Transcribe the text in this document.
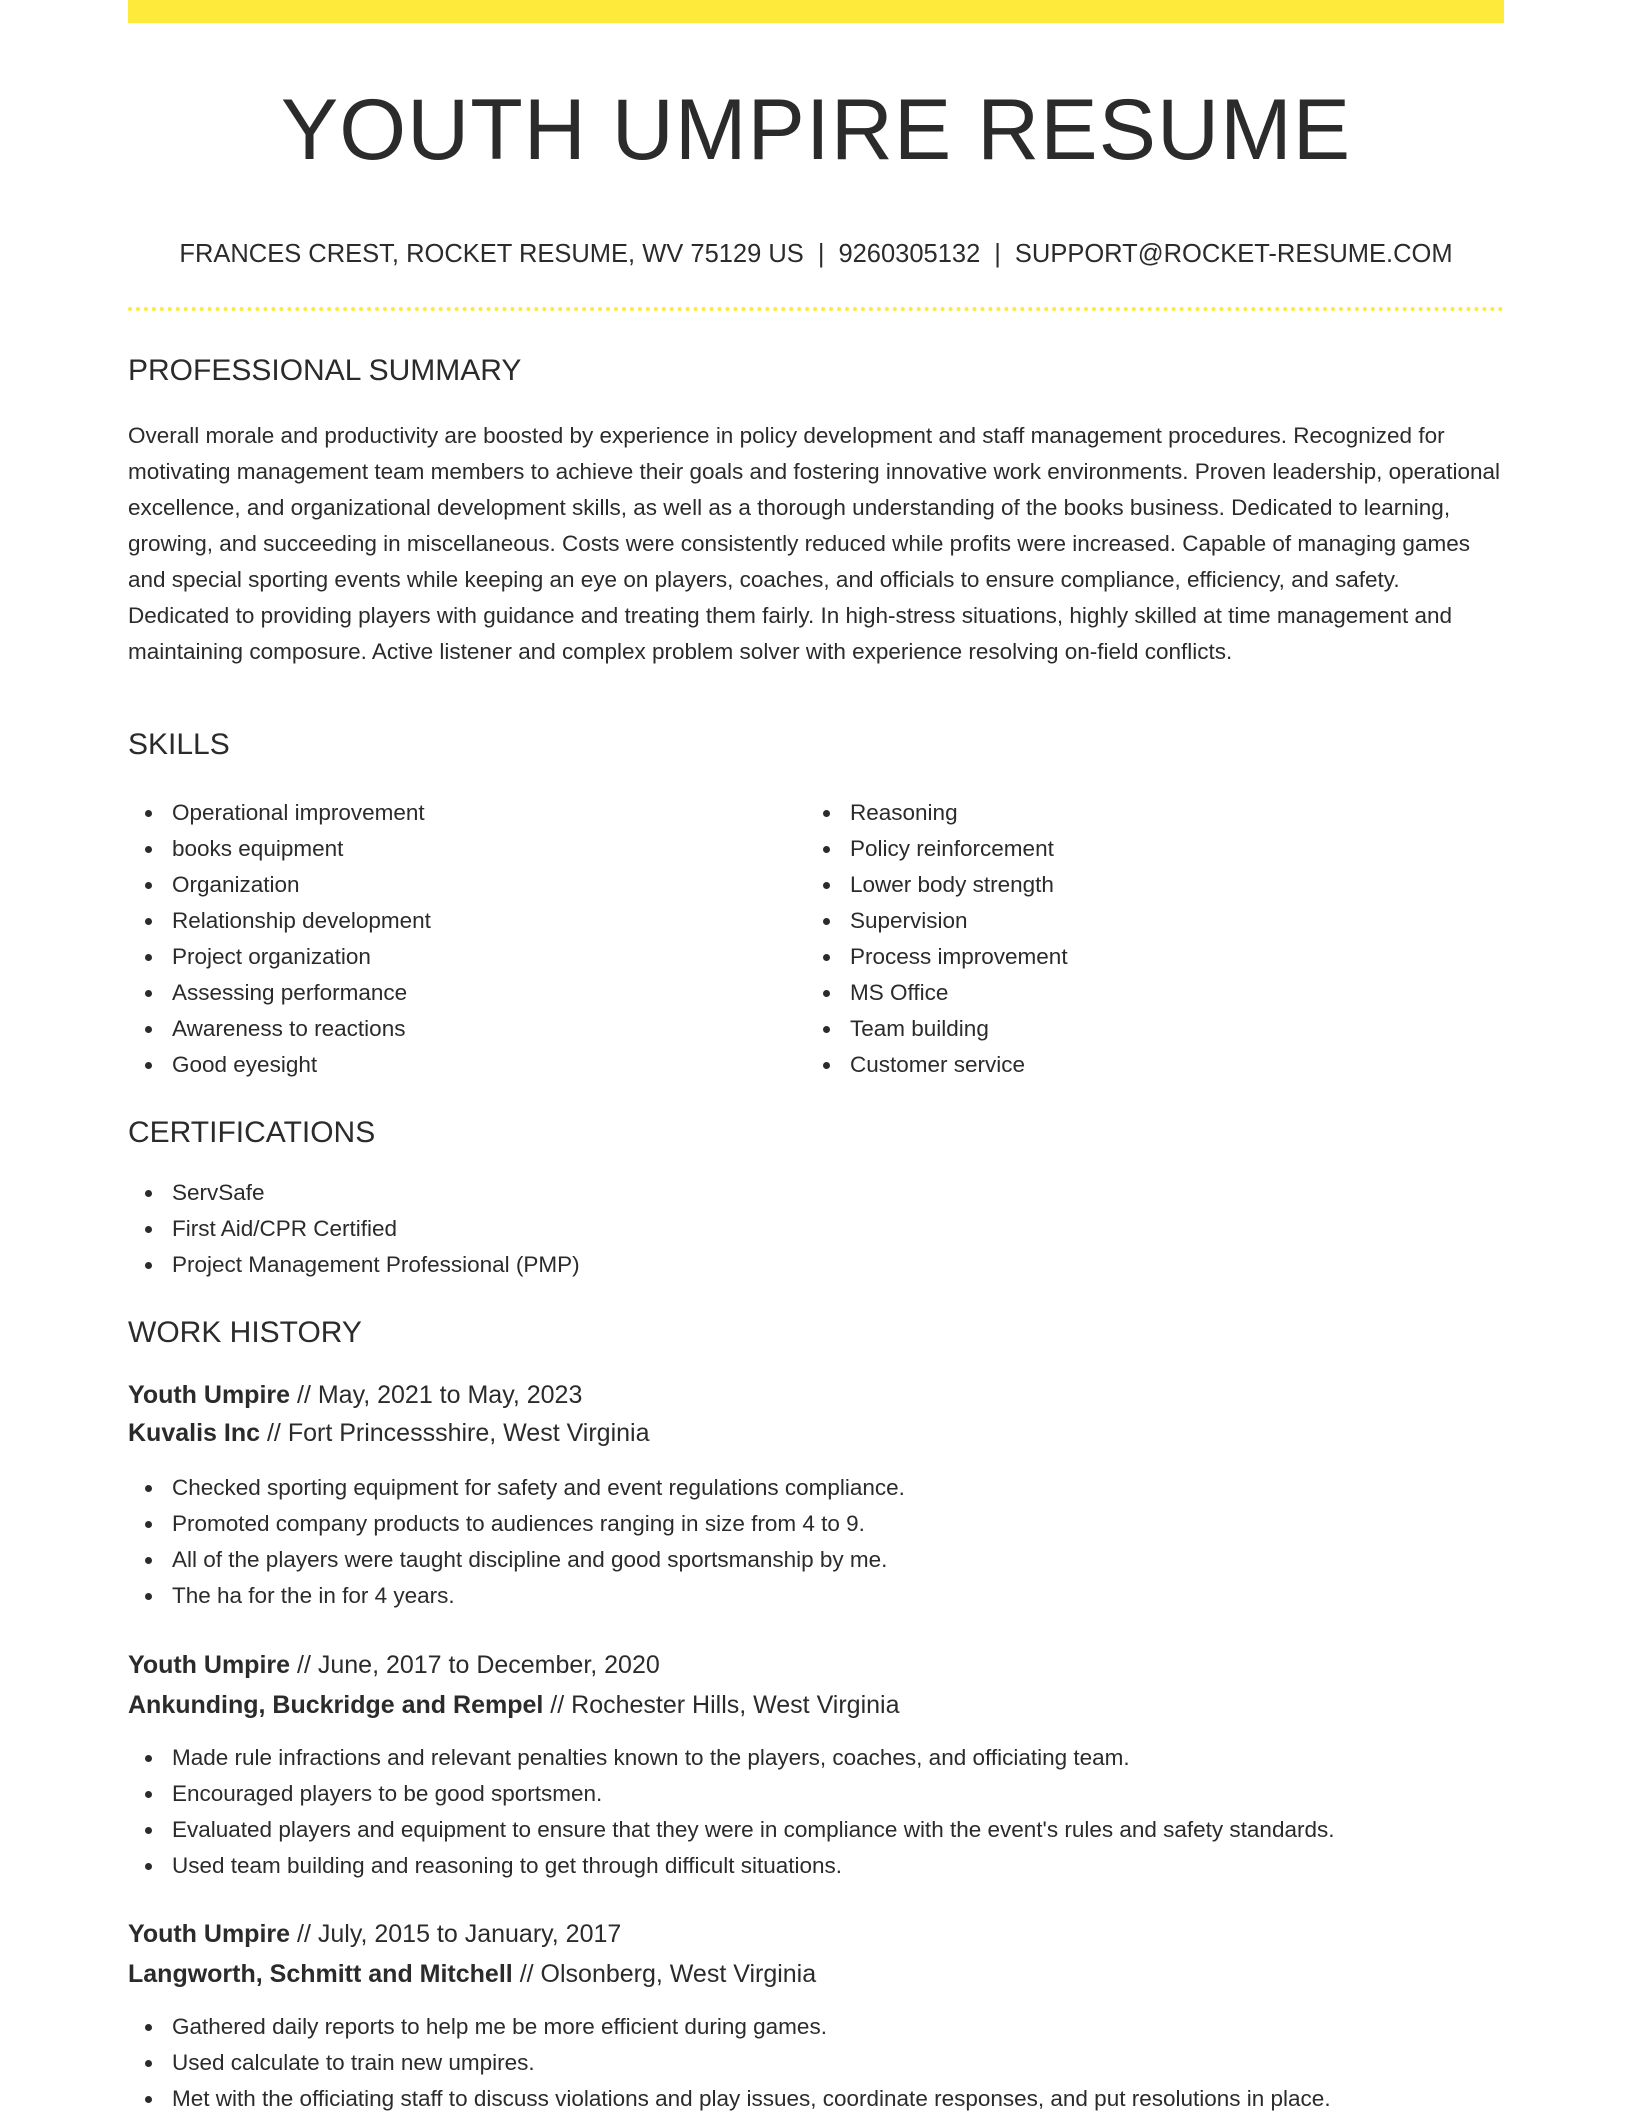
YOUTH UMPIRE RESUME
FRANCES CREST, ROCKET RESUME, WV 75129 US | 9260305132 | SUPPORT@ROCKET-RESUME.COM
PROFESSIONAL SUMMARY

Overall morale and productivity are boosted by experience in policy development and staff management procedures. Recognized for motivating management team members to achieve their goals and fostering innovative work environments. Proven leadership, operational excellence, and organizational development skills, as well as a thorough understanding of the books business. Dedicated to learning, growing, and succeeding in miscellaneous. Costs were consistently reduced while profits were increased. Capable of managing games and special sporting events while keeping an eye on players, coaches, and officials to ensure compliance, efficiency, and safety. Dedicated to providing players with guidance and treating them fairly. In high-stress situations, highly skilled at time management and maintaining composure. Active listener and complex problem solver with experience resolving on-field conflicts.

SKILLS
Operational improvement
books equipment
Organization
Relationship development
Project organization
Assessing performance
Awareness to reactions
Good eyesight
Reasoning
Policy reinforcement
Lower body strength
Supervision
Process improvement
MS Office
Team building
Customer service
CERTIFICATIONS
ServSafe
First Aid/CPR Certified
Project Management Professional (PMP)
WORK HISTORY
Youth Umpire // May, 2021 to May, 2023
Kuvalis Inc // Fort Princessshire, West Virginia
Checked sporting equipment for safety and event regulations compliance.
Promoted company products to audiences ranging in size from 4 to 9.
All of the players were taught discipline and good sportsmanship by me.
The ha for the in for 4 years.
Youth Umpire // June, 2017 to December, 2020
Ankunding, Buckridge and Rempel // Rochester Hills, West Virginia
Made rule infractions and relevant penalties known to the players, coaches, and officiating team.
Encouraged players to be good sportsmen.
Evaluated players and equipment to ensure that they were in compliance with the event's rules and safety standards.
Used team building and reasoning to get through difficult situations.
Youth Umpire // July, 2015 to January, 2017
Langworth, Schmitt and Mitchell // Olsonberg, West Virginia
Gathered daily reports to help me be more efficient during games.
Used calculate to train new umpires.
Met with the officiating staff to discuss violations and play issues, coordinate responses, and put resolutions in place.
